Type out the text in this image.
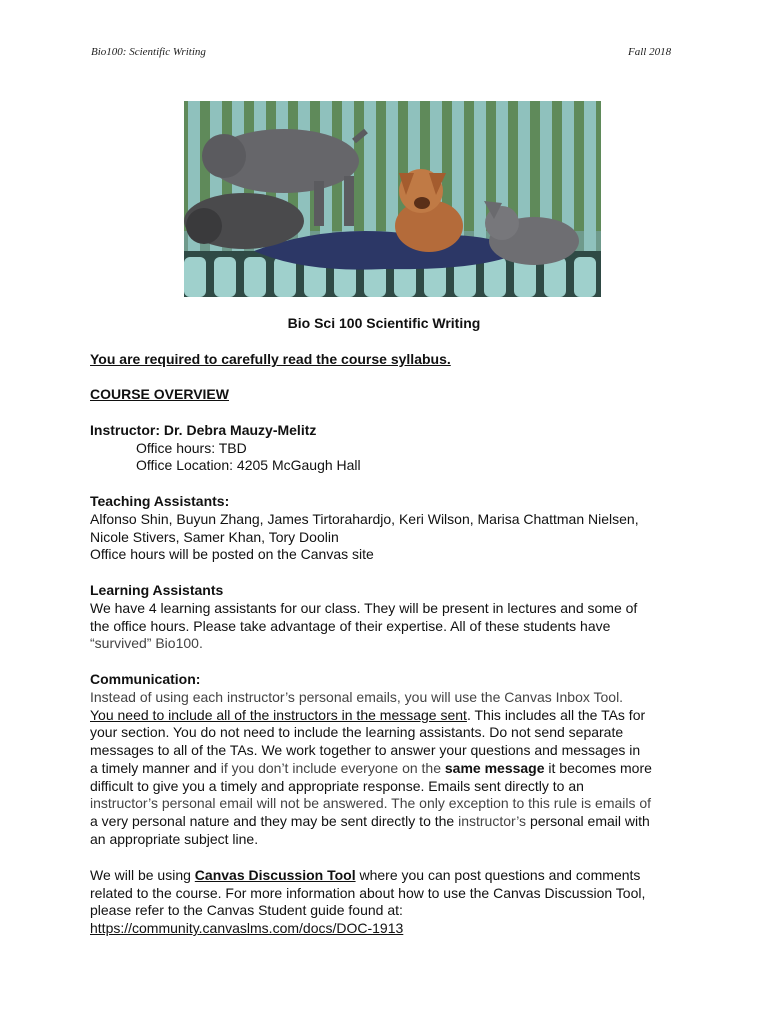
Bio100: Scientific Writing	Fall 2018
Bio Sci 100 Scientific Writing
You are required to carefully read the course syllabus.
COURSE OVERVIEW
Instructor: Dr. Debra Mauzy-Melitz
Office hours: TBD
Office Location: 4205 McGaugh Hall
Teaching Assistants:
Alfonso Shin, Buyun Zhang, James Tirtorahardjo, Keri Wilson, Marisa Chattman Nielsen,
Nicole Stivers, Samer Khan, Tory Doolin
Office hours will be posted on the Canvas site
Learning Assistants
We have 4 learning assistants for our class. They will be present in lectures and some of
the office hours. Please take advantage of their expertise. All of these students have
“survived” Bio100.
Communication:
Instead of using each instructor’s personal emails, you will use the Canvas Inbox Tool.
You need to include all of the instructors in the message sent. This includes all the TAs for
your section. You do not need to include the learning assistants. Do not send separate
messages to all of the TAs. We work together to answer your questions and messages in
a timely manner and if you don’t include everyone on the same message it becomes more
difficult to give you a timely and appropriate response. Emails sent directly to an
instructor’s personal email will not be answered. The only exception to this rule is emails of
a very personal nature and they may be sent directly to the instructor’s personal email with
an appropriate subject line.
We will be using Canvas Discussion Tool where you can post questions and comments
related to the course. For more information about how to use the Canvas Discussion Tool,
please refer to the Canvas Student guide found at:
https://community.canvaslms.com/docs/DOC-1913
